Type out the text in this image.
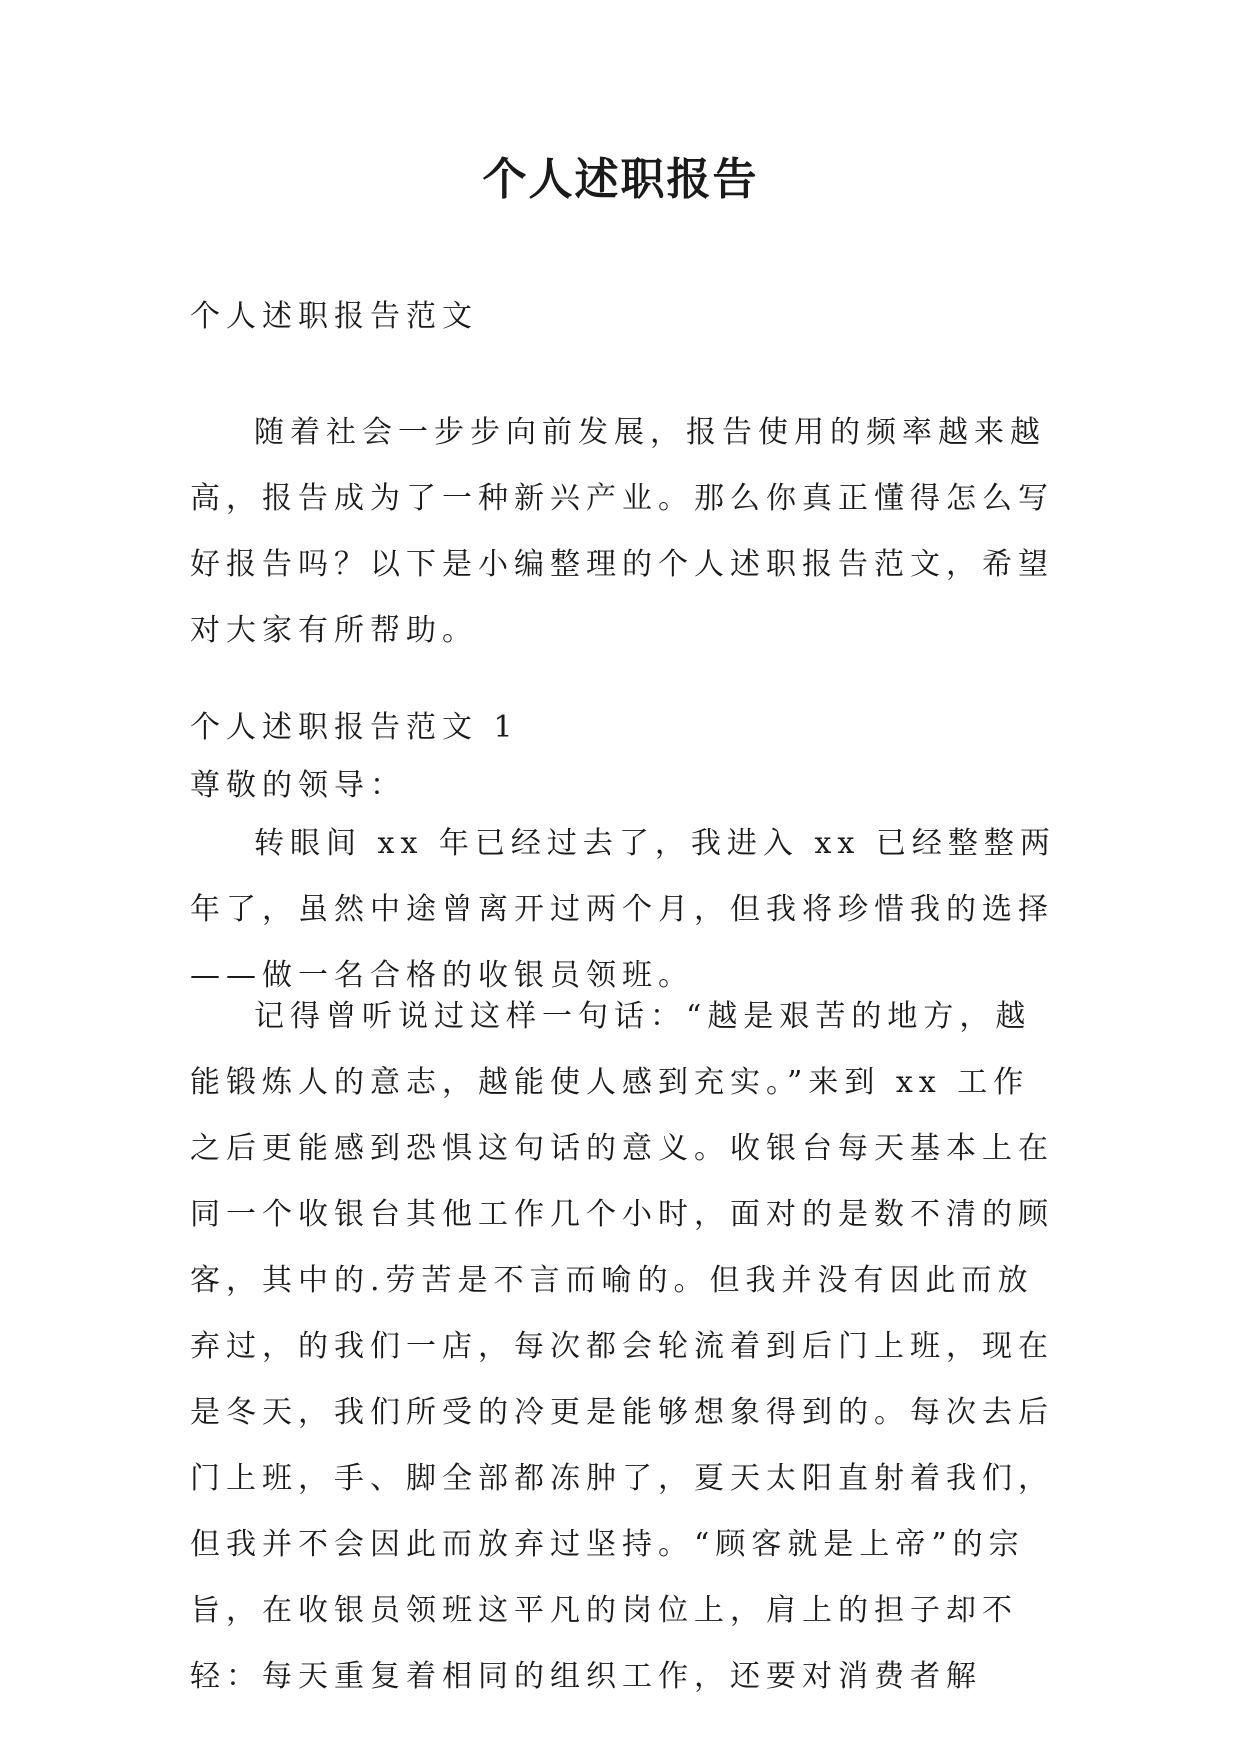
个人述职报告

个人述职报告范文

随着社会一步步向前发展，报告使用的频率越来越高，报告成为了一种新兴产业。那么你真正懂得怎么写好报告吗？以下是小编整理的个人述职报告范文，希望对大家有所帮助。

个人述职报告范文 1

尊敬的领导：

转眼间 xx 年已经过去了，我进入 xx 已经整整两年了，虽然中途曾离开过两个月，但我将珍惜我的选择——做一名合格的收银员领班。

记得曾听说过这样一句话：“越是艰苦的地方，越能锻炼人的意志，越能使人感到充实。”来到 xx 工作之后更能感到恐惧这句话的意义。收银台每天基本上在同一个收银台其他工作几个小时，面对的是数不清的顾客，其中的.劳苦是不言而喻的。但我并没有因此而放弃过，的我们一店，每次都会轮流着到后门上班，现在是冬天，我们所受的冷更是能够想象得到的。每次去后门上班，手、脚全部都冻肿了，夏天太阳直射着我们，但我并不会因此而放弃过坚持。“顾客就是上帝”的宗旨，在收银员领班这平凡的岗位上，肩上的担子却不轻：每天重复着相同的组织工作，还要对消费者解
